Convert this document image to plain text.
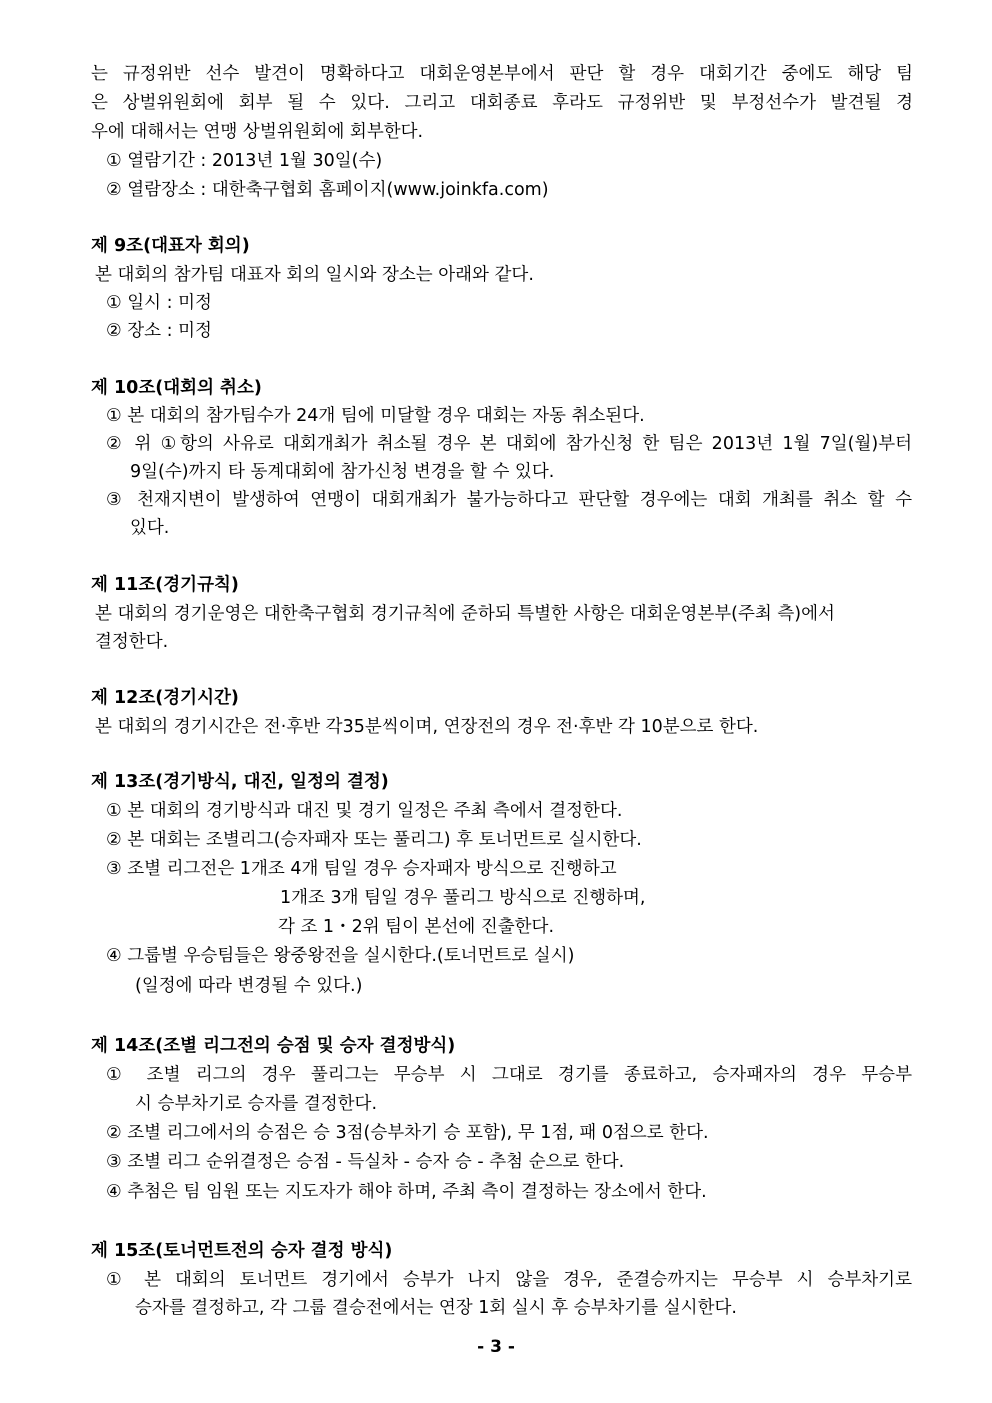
는 규정위반 선수 발견이 명확하다고 대회운영본부에서 판단 할 경우 대회기간 중에도 해당 팀
은 상벌위원회에 회부 될 수 있다. 그리고 대회종료 후라도 규정위반 및 부정선수가 발견될 경
우에 대해서는 연맹 상벌위원회에 회부한다.
① 열람기간 : 2013년 1월 30일(수)
② 열람장소 : 대한축구협회 홈페이지(www.joinkfa.com)
제 9조(대표자 회의)
본 대회의 참가팀 대표자 회의 일시와 장소는 아래와 같다.
① 일시 : 미정
② 장소 : 미정
제 10조(대회의 취소)
① 본 대회의 참가팀수가 24개 팀에 미달할 경우 대회는 자동 취소된다.
② 위 ①항의 사유로 대회개최가 취소될 경우 본 대회에 참가신청 한 팀은 2013년 1월 7일(월)부터
9일(수)까지 타 동계대회에 참가신청 변경을 할 수 있다.
③ 천재지변이 발생하여 연맹이 대회개최가 불가능하다고 판단할 경우에는 대회 개최를 취소 할 수
있다.
제 11조(경기규칙)
본 대회의 경기운영은 대한축구협회 경기규칙에 준하되 특별한 사항은 대회운영본부(주최 측)에서
결정한다.
제 12조(경기시간)
본 대회의 경기시간은 전·후반 각35분씩이며, 연장전의 경우 전·후반 각 10분으로 한다.
제 13조(경기방식, 대진, 일정의 결정)
① 본 대회의 경기방식과 대진 및 경기 일정은 주최 측에서 결정한다.
② 본 대회는 조별리그(승자패자 또는 풀리그) 후 토너먼트로 실시한다.
③ 조별 리그전은 1개조 4개 팀일 경우 승자패자 방식으로 진행하고
1개조 3개 팀일 경우 풀리그 방식으로 진행하며,
각 조 1・2위 팀이 본선에 진출한다.
④ 그룹별 우승팀들은 왕중왕전을 실시한다.(토너먼트로 실시)
(일정에 따라 변경될 수 있다.)
제 14조(조별 리그전의 승점 및 승자 결정방식)
① 조별 리그의 경우 풀리그는 무승부 시 그대로 경기를 종료하고, 승자패자의 경우 무승부
시 승부차기로 승자를 결정한다.
② 조별 리그에서의 승점은 승 3점(승부차기 승 포함), 무 1점, 패 0점으로 한다.
③ 조별 리그 순위결정은 승점 - 득실차 - 승자 승 - 추첨 순으로 한다.
④ 추첨은 팀 임원 또는 지도자가 해야 하며, 주최 측이 결정하는 장소에서 한다.
제 15조(토너먼트전의 승자 결정 방식)
① 본 대회의 토너먼트 경기에서 승부가 나지 않을 경우, 준결승까지는 무승부 시 승부차기로
승자를 결정하고, 각 그룹 결승전에서는 연장 1회 실시 후 승부차기를 실시한다.
- 3 -
